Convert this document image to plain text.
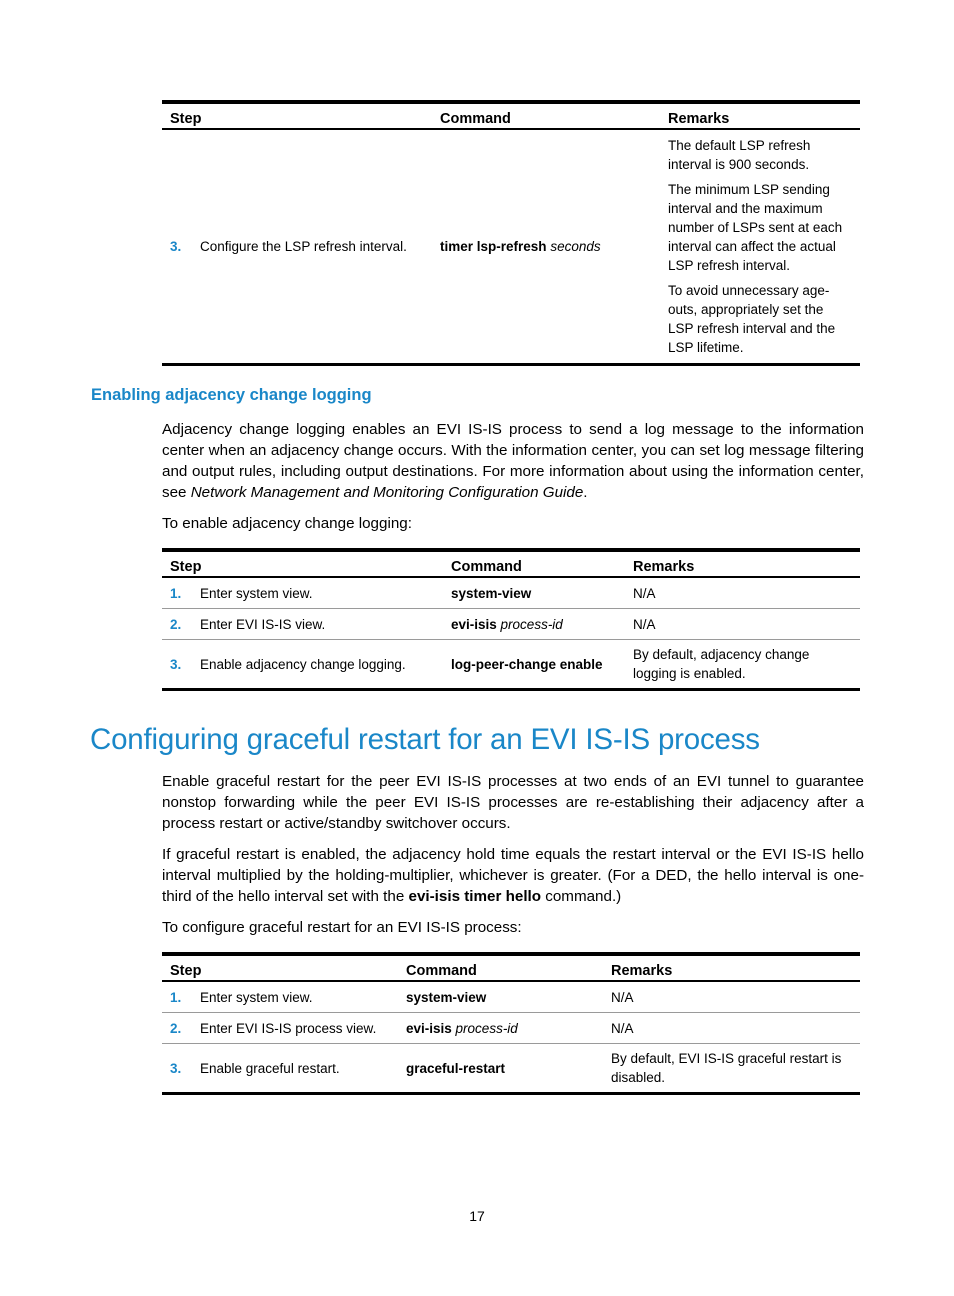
Step	Command	Remarks
3. Configure the LSP refresh interval.	timer lsp-refresh seconds	The default LSP refresh interval is 900 seconds.

The minimum LSP sending interval and the maximum number of LSPs sent at each interval can affect the actual LSP refresh interval.

To avoid unnecessary age-outs, appropriately set the LSP refresh interval and the LSP lifetime.

Enabling adjacency change logging

Adjacency change logging enables an EVI IS-IS process to send a log message to the information center when an adjacency change occurs. With the information center, you can set log message filtering and output rules, including output destinations. For more information about using the information center, see Network Management and Monitoring Configuration Guide.

To enable adjacency change logging:

Step	Command	Remarks
1. Enter system view.	system-view	N/A
2. Enter EVI IS-IS view.	evi-isis process-id	N/A
3. Enable adjacency change logging.	log-peer-change enable	By default, adjacency change logging is enabled.
Configuring graceful restart for an EVI IS-IS process

Enable graceful restart for the peer EVI IS-IS processes at two ends of an EVI tunnel to guarantee nonstop forwarding while the peer EVI IS-IS processes are re-establishing their adjacency after a process restart or active/standby switchover occurs.

If graceful restart is enabled, the adjacency hold time equals the restart interval or the EVI IS-IS hello interval multiplied by the holding-multiplier, whichever is greater. (For a DED, the hello interval is one-third of the hello interval set with the evi-isis timer hello command.)

To configure graceful restart for an EVI IS-IS process:

Step	Command	Remarks
1. Enter system view.	system-view	N/A
2. Enter EVI IS-IS process view.	evi-isis process-id	N/A
3. Enable graceful restart.	graceful-restart	By default, EVI IS-IS graceful restart is disabled.
17
